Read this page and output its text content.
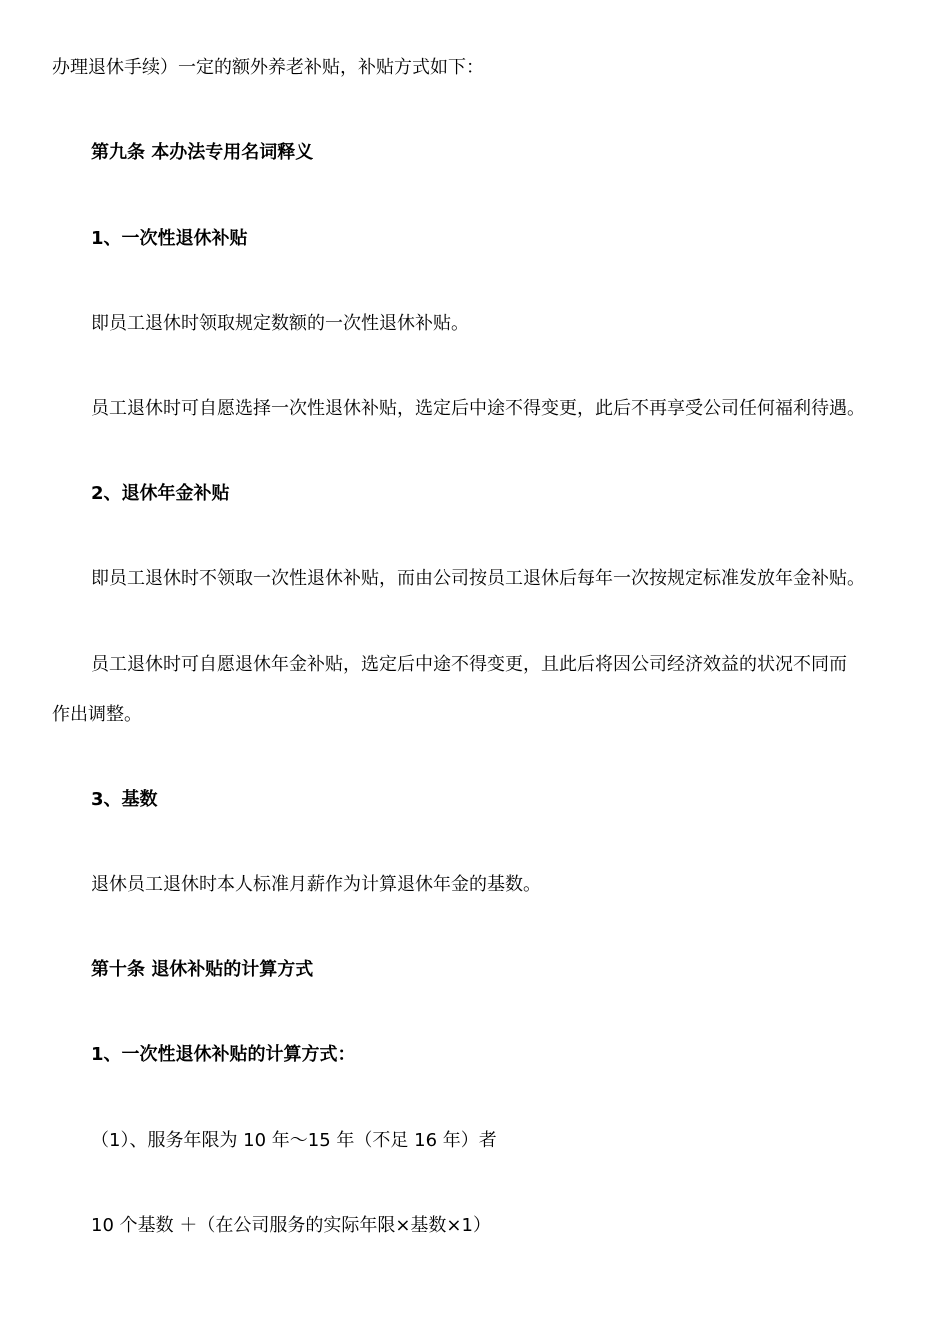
办理退休手续）一定的额外养老补贴，补贴方式如下：
第九条 本办法专用名词释义
1、一次性退休补贴
即员工退休时领取规定数额的一次性退休补贴。
员工退休时可自愿选择一次性退休补贴，选定后中途不得变更，此后不再享受公司任何福利待遇。
2、退休年金补贴
即员工退休时不领取一次性退休补贴，而由公司按员工退休后每年一次按规定标准发放年金补贴。
员工退休时可自愿退休年金补贴，选定后中途不得变更，且此后将因公司经济效益的状况不同而
作出调整。
3、基数
退休员工退休时本人标准月薪作为计算退休年金的基数。
第十条 退休补贴的计算方式
1、一次性退休补贴的计算方式：
（1）、服务年限为 10 年～15 年（不足 16 年）者
10 个基数 ＋（在公司服务的实际年限×基数×1）
